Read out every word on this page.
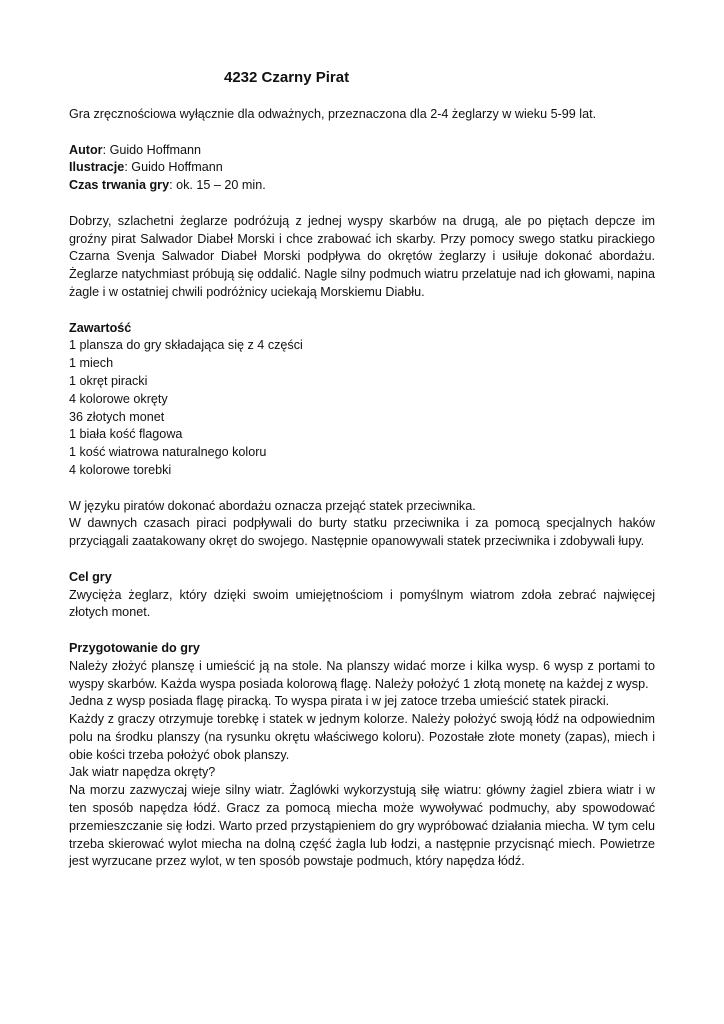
4232 Czarny Pirat

Gra zręcznościowa wyłącznie dla odważnych, przeznaczona dla 2-4 żeglarzy w wieku 5-99 lat.

Autor: Guido Hoffmann
Ilustracje: Guido Hoffmann
Czas trwania gry: ok. 15 – 20 min.

Dobrzy, szlachetni żeglarze podróżują z jednej wyspy skarbów na drugą, ale po piętach depcze im groźny pirat Salwador Diabeł Morski i chce zrabować ich skarby. Przy pomocy swego statku pirackiego Czarna Svenja Salwador Diabeł Morski podpływa do okrętów żeglarzy i usiłuje dokonać abordażu. Żeglarze natychmiast próbują się oddalić. Nagle silny podmuch wiatru przelatuje nad ich głowami, napina żagle i w ostatniej chwili podróżnicy uciekają Morskiemu Diabłu.

Zawartość
1 plansza do gry składająca się z 4 części
1 miech
1 okręt piracki
4 kolorowe okręty
36 złotych monet
1 biała kość flagowa
1 kość wiatrowa naturalnego koloru
4 kolorowe torebki

W języku piratów dokonać abordażu oznacza przejąć statek przeciwnika.

W dawnych czasach piraci podpływali do burty statku przeciwnika i za pomocą specjalnych haków przyciągali zaatakowany okręt do swojego. Następnie opanowywali statek przeciwnika i zdobywali łupy.

Cel gry

Zwycięża żeglarz, który dzięki swoim umiejętnościom i pomyślnym wiatrom zdoła zebrać najwięcej złotych monet.

Przygotowanie do gry

Należy złożyć planszę i umieścić ją na stole. Na planszy widać morze i kilka wysp. 6 wysp z portami to wyspy skarbów. Każda wyspa posiada kolorową flagę. Należy położyć 1 złotą monetę na każdej z wysp.

Jedna z wysp posiada flagę piracką. To wyspa pirata i w jej zatoce trzeba umieścić statek piracki.

Każdy z graczy otrzymuje torebkę i statek w jednym kolorze. Należy położyć swoją łódź na odpowiednim polu na środku planszy (na rysunku okrętu właściwego koloru). Pozostałe złote monety (zapas), miech i obie kości trzeba położyć obok planszy.

Jak wiatr napędza okręty?

Na morzu zazwyczaj wieje silny wiatr. Żaglówki wykorzystują siłę wiatru: główny żagiel zbiera wiatr i w ten sposób napędza łódź. Gracz za pomocą miecha może wywoływać podmuchy, aby spowodować przemieszczanie się łodzi. Warto przed przystąpieniem do gry wypróbować działania miecha. W tym celu trzeba skierować wylot miecha na dolną część żagla lub łodzi, a następnie przycisnąć miech. Powietrze jest wyrzucane przez wylot, w ten sposób powstaje podmuch, który napędza łódź.
